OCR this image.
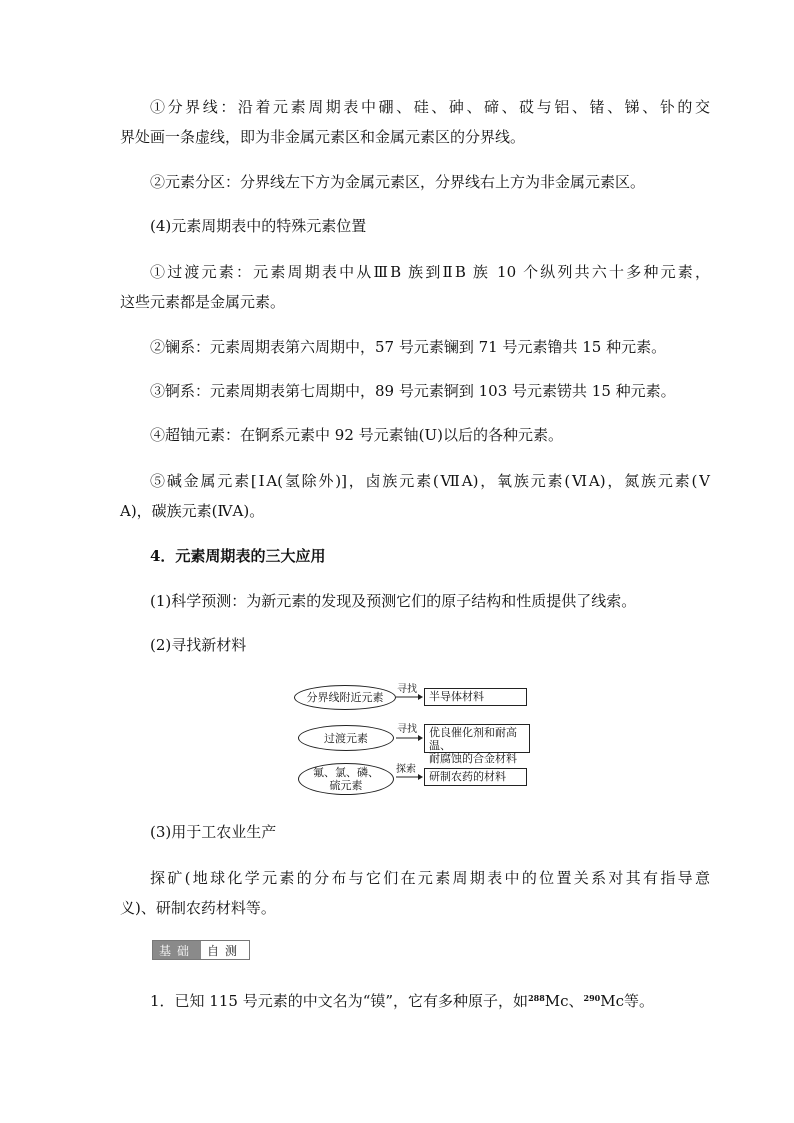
①分界线：沿着元素周期表中硼、硅、砷、碲、砹与铝、锗、锑、钋的交
界处画一条虚线，即为非金属元素区和金属元素区的分界线。
②元素分区：分界线左下方为金属元素区，分界线右上方为非金属元素区。
(4)元素周期表中的特殊元素位置
①过渡元素：元素周期表中从ⅢB 族到ⅡB 族 10 个纵列共六十多种元素，
这些元素都是金属元素。
②镧系：元素周期表第六周期中，57 号元素镧到 71 号元素镥共 15 种元素。
③锕系：元素周期表第七周期中，89 号元素锕到 103 号元素铹共 15 种元素。
④超铀元素：在锕系元素中 92 号元素铀(U)以后的各种元素。
⑤碱金属元素[ⅠA(氢除外)]，卤族元素(ⅦA)，氧族元素(ⅥA)，氮族元素(Ⅴ
A)，碳族元素(ⅣA)。
4．元素周期表的三大应用
(1)科学预测：为新元素的发现及预测它们的原子结构和性质提供了线索。
(2)寻找新材料
分界线附近元素
寻找
半导体材料
过渡元素
寻找 优良催化剂和耐高温、
耐腐蚀的合金材料
氟、氯、磷、
硫元素
探索
研制农药的材料
(3)用于工农业生产
探矿(地球化学元素的分布与它们在元素周期表中的位置关系对其有指导意
义)、研制农药材料等。
基础	自测
1．已知 115 号元素的中文名为“镆”，它有多种原子，如$^{288}$Mc、$^{290}$Mc等。
